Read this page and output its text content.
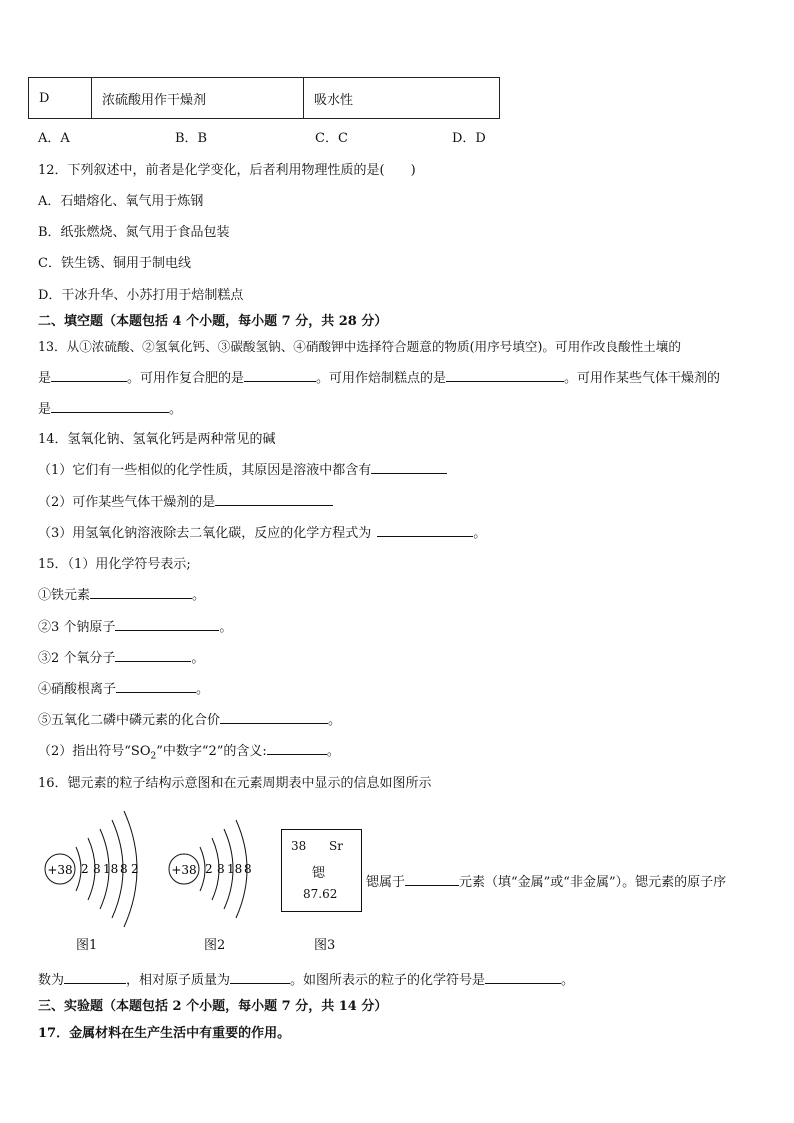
D	浓硫酸用作干燥剂	吸水性
A．A	B．B	C．C	D．D
12．下列叙述中，前者是化学变化，后者利用物理性质的是(　　)
A．石蜡熔化、氧气用于炼钢
B．纸张燃烧、氮气用于食品包装
C．铁生锈、铜用于制电线
D．干冰升华、小苏打用于焙制糕点
二、填空题（本题包括 4 个小题，每小题 7 分，共 28 分）
13．从①浓硫酸、②氢氧化钙、③碳酸氢钠、④硝酸钾中选择符合题意的物质(用序号填空)。可用作改良酸性土壤的
是	。可用作复合肥的是	。可用作焙制糕点的是	。可用作某些气体干燥剂的
是	。
14．氢氧化钠、氢氧化钙是两种常见的碱
（1）它们有一些相似的化学性质，其原因是溶液中都含有
（2）可作某些气体干燥剂的是
（3）用氢氧化钠溶液除去二氧化碳，反应的化学方程式为	。
15．（1）用化学符号表示;
①铁元素	。
②3 个钠原子	。
③2 个氧分子	。
④硝酸根离子	。
⑤五氧化二磷中磷元素的化合价	。
（2）指出符号“$SO_2$”中数字“2”的含义:	。
16．锶元素的粒子结构示意图和在元素周期表中显示的信息如图所示
+38 2 8 18 8 2	+38 2 8 18 8
38 Sr
锶
87.62
锶属于	元素（填“金属”或“非金属”）。锶元素的原子序
图1	图2	图3
数为	，相对原子质量为	。如图所表示的粒子的化学符号是	。
三、实验题（本题包括 2 个小题，每小题 7 分，共 14 分）
17．金属材料在生产生活中有重要的作用。
